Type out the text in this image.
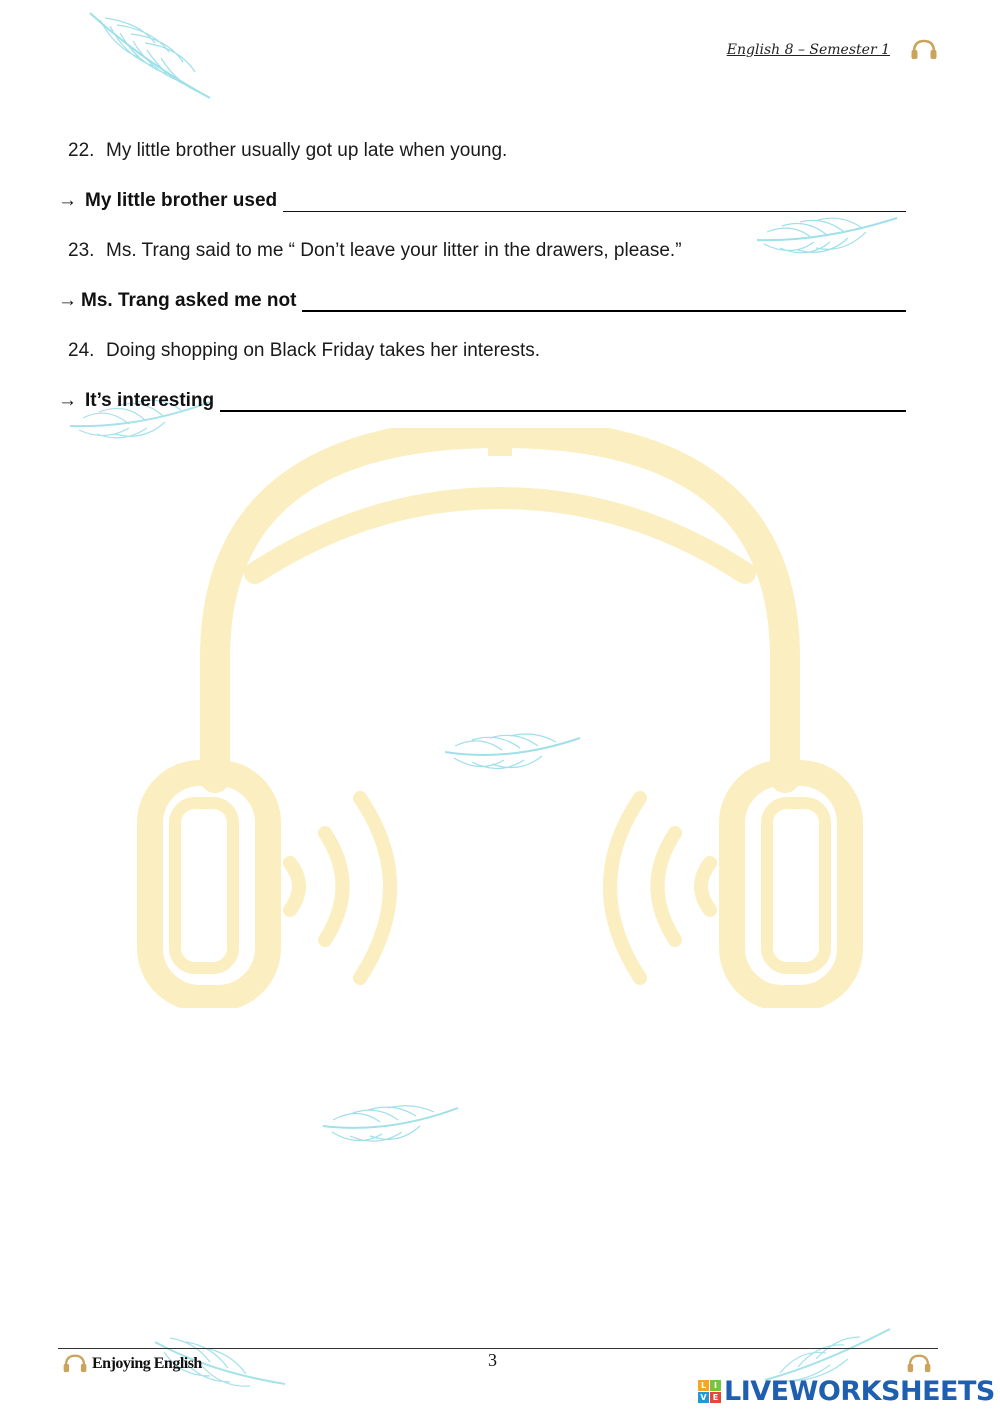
English 8 – Semester 1
22. My little brother usually got up late when young.
→ My little brother used
23. Ms. Trang said to me “ Don’t leave your litter in the drawers, please.”
→ Ms. Trang asked me not
24. Doing shopping on Black Friday takes her interests.
→ It’s interesting
3
Enjoying English
L I
V E LIVEWORKSHEETS
